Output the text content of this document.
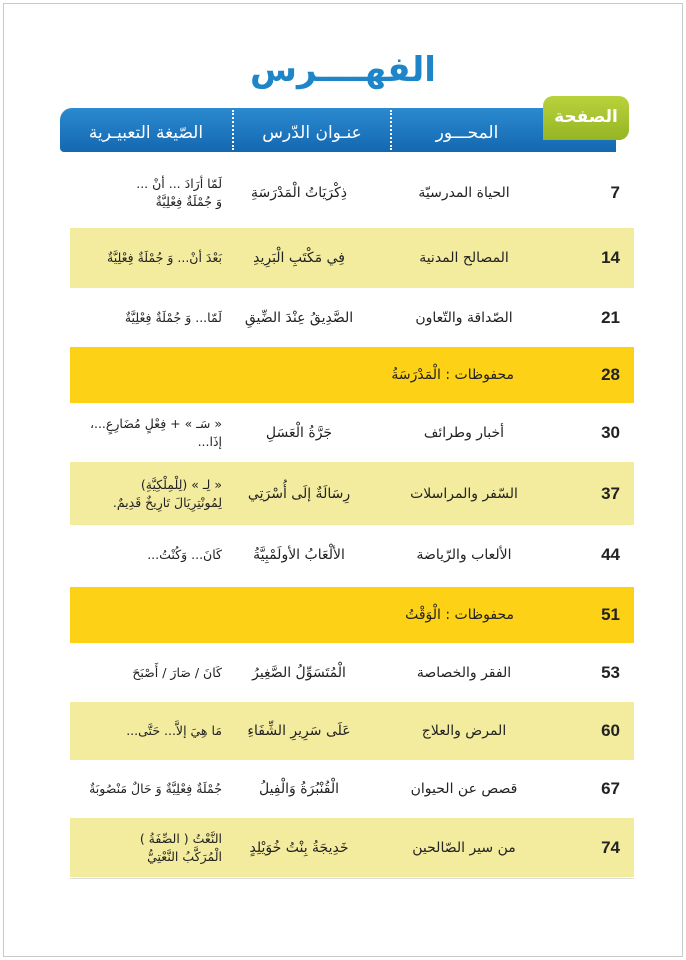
الفهــــرس
الصّيغة التعبيـرية	عنـوان الدّرس	المحـــور
الصفحة
7
الحياة المدرسيّة
ذِكْرَيَاتُ الْمَدْرَسَةِ
لَمّا أرَادَ ... أنْ ...
وَ جُمْلَةٌ فِعْلِيَّةٌ
14
المصالح المدنية
فِي مَكْتَبِ الْبَرِيدِ
بَعْدَ أنْ... وَ جُمْلَةٌ فِعْلِيَّةٌ
21
الصّداقة والتّعاون
الصَّدِيقُ عِنْدَ الضِّيقِ
لَمّا... وَ جُمْلَةٌ فِعْلِيَّةٌ
28
محفوظات : الْمَدْرَسَةُ
30
أخبار وطرائف
جَرَّةُ الْعَسَلِ
« سَـ » + فِعْلٍ مُضَارِعٍ...،
إذَا...
37
السّفر والمراسلات
رِسَالَةٌ إلَى أُسْرَتِي
« لِـ » (لِلْمِلْكِيَّةِ)
لِمُونْتِرِيَالَ تَارِيخٌ قَدِيمٌ.
44
الألعاب والرّياضة
الألْعَابُ الأولَمْبِيَّةُ
كَانَ... وَكُنْتُ...
51
محفوظات : الْوَقْتُ
53
الفقر والخصاصة
الْمُتَسَوِّلُ الصَّغِيرُ
كَانَ / صَارَ / أَصْبَحَ
60
المرض والعلاج
عَلَى سَرِيرِ الشِّفَاءِ
مَا هِيَ إلاَّ... حَتَّى...
67
قصص عن الحيوان
الْقُنْبُرَةُ وَالْفِيلُ
جُمْلَةٌ فِعْلِيَّةٌ وَ حَالٌ مَنْصُوبَةٌ
74
من سير الصّالحين
خَدِيجَةُ بِنْتُ خُوَيْلِدٍ
النَّعْتُ ( الصِّفَةُ )
الْمُرَكَّبُ النَّعْتِيُّ
